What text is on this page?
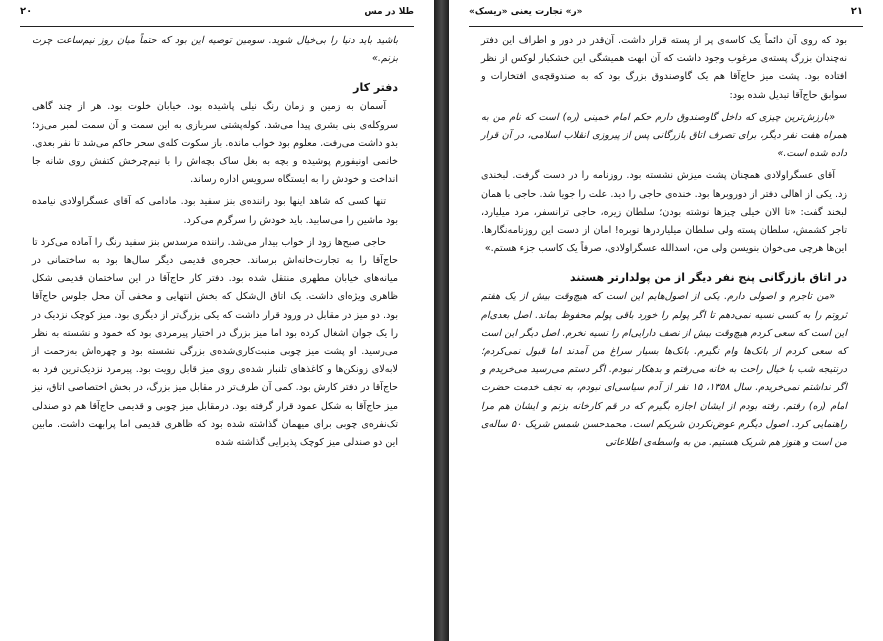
۲۰	طلا در مس

باشید باید دنیا را بی‌خیال شوید. سومین توصیه این بود که حتماً میان روز نیم‌ساعت چرت بزنم.»

دفتر کار

آسمان به زمین و زمان رنگ نیلی پاشیده بود. خیابان خلوت بود. هر از چند گاهی سروکله‌ی بنی بشری پیدا می‌شد. کوله‌پشتی سربازی به این سمت و آن سمت لمبر می‌زد؛ بدو داشت می‌رفت. معلوم بود خواب مانده. باز سکوت کله‌ی سحر حاکم می‌شد تا نفر بعدی. خانمی اونیفورم پوشیده و بچه به بغل ساک بچه‌اش را با نیم‌چرخش کتفش روی شانه جا انداخت و خودش را به ایستگاه سرویس اداره رساند.

تنها کسی که شاهد اینها بود راننده‌ی بنز سفید بود. مادامی که آقای عسگراولادی نیامده بود ماشین را می‌سابید. باید خودش را سرگرم می‌کرد.

حاجی صبح‌ها زود از خواب بیدار می‌شد. راننده مرسدس بنز سفید رنگ را آماده می‌کرد تا حاج‌آقا را به تجارت‌خانه‌اش برساند. حجره‌ی قدیمی دیگر سال‌ها بود به ساختمانی در میانه‌های خیابان مطهری منتقل شده بود. دفتر کار حاج‌آقا در این ساختمان قدیمی شکل ظاهری ویژه‌ای داشت. یک اتاق ال‌شکل که بخش انتهایی و مخفی آن محل جلوس حاج‌آقا بود. دو میز در مقابل در ورود قرار داشت که یکی بزرگ‌تر از دیگری بود. میز کوچک نزدیک در را یک جوان اشغال کرده بود اما میز بزرگ در اختیار پیرمردی بود که خمود و نشسته به نظر می‌رسید. او پشت میز چوبی منبت‌کاری‌شده‌ی بزرگی نشسته بود و چهره‌اش به‌زحمت از لابه‌لای زونکن‌ها و کاغذهای تلنبار شده‌ی روی میز قابل رویت بود. پیرمرد نزدیک‌ترین فرد به حاج‌آقا در دفتر کارش بود. کمی آن طرف‌تر در مقابل میز بزرگ، در بخش اختصاصی اتاق، نیز میز حاج‌آقا به شکل عمود قرار گرفته بود. درمقابل میز چوبی و قدیمی حاج‌آقا هم دو صندلی تک‌نفره‌ی چوبی برای میهمان گذاشته شده بود که ظاهری قدیمی اما پرابهت داشت. مابین این دو صندلی میز کوچک پذیرایی گذاشته شده

۲۱
«ر» تجارت یعنی «ریسک»

بود که روی آن دائماً یک کاسه‌ی پر از پسته قرار داشت. آن‌قدر در دور و اطراف این دفتر نه‌چندان بزرگ پسته‌ی مرغوب وجود داشت که آن ابهت همیشگی این خشکبار لوکس از نظر افتاده بود. پشت میز حاج‌آقا هم یک گاوصندوق بزرگ بود که به صندوقچه‌ی افتخارات و سوابق حاج‌آقا تبدیل شده بود:

«بارزش‌ترین چیزی که داخل گاوصندوق دارم حکم امام خمینی (ره) است که نام من به همراه هفت نفر دیگر، برای تصرف اتاق بازرگانی پس از پیروزی انقلاب اسلامی، در آن قرار داده شده است.»

آقای عسگراولادی همچنان پشت میزش نشسته بود. روزنامه را در دست گرفت. لبخندی زد. یکی از اهالی دفتر از دوروبرها بود. خنده‌ی حاجی را دید. علت را جویا شد. حاجی با همان لبخند گفت: «تا الان خیلی چیزها نوشته بودن؛ سلطان زیره، حاجی ترانسفر، مرد میلیارد، تاجر کشمش، سلطان پسته ولی سلطان میلیاردرها نوبره! امان از دست این روزنامه‌نگارها. این‌ها هرچی می‌خوان بنویسن ولی من، اسدالله عسگراولادی، صرفاً یک کاسب جزء هستم.»

در اتاق بازرگانی پنج نفر دیگر از من پولدارتر هستند

«من تاجرم و اصولی دارم. یکی از اصول‌هایم این است که هیچ‌وقت بیش از یک هفتم ثروتم را به کسی نسیه نمی‌دهم تا اگر پولم را خورد باقی پولم محفوظ بماند. اصل بعدی‌ام این است که سعی کردم هیچ‌وقت بیش از نصف دارایی‌ام را نسیه نخرم. اصل دیگر این است که سعی کردم از بانک‌ها وام نگیرم. بانک‌ها بسیار سراغ من آمدند اما قبول نمی‌کردم؛ درنتیجه شب با خیال راحت به خانه می‌رفتم و بدهکار نبودم. اگر دستم می‌رسید می‌خریدم و اگر نداشتم نمی‌خریدم. سال ۱۳۵۸، ۱۵ نفر از آدم سیاسی‌ای نبودم، به نجف خدمت حضرت امام (ره) رفتم. رفته بودم از ایشان اجازه بگیرم که در قم کارخانه بزنم و ایشان هم مرا راهنمایی کرد. اصول دیگرم عوض‌نکردن شریکم است. محمدحسن شمس شریک ۵۰ ساله‌ی من است و هنوز هم شریک هستیم. من به واسطه‌ی اطلاعاتی
